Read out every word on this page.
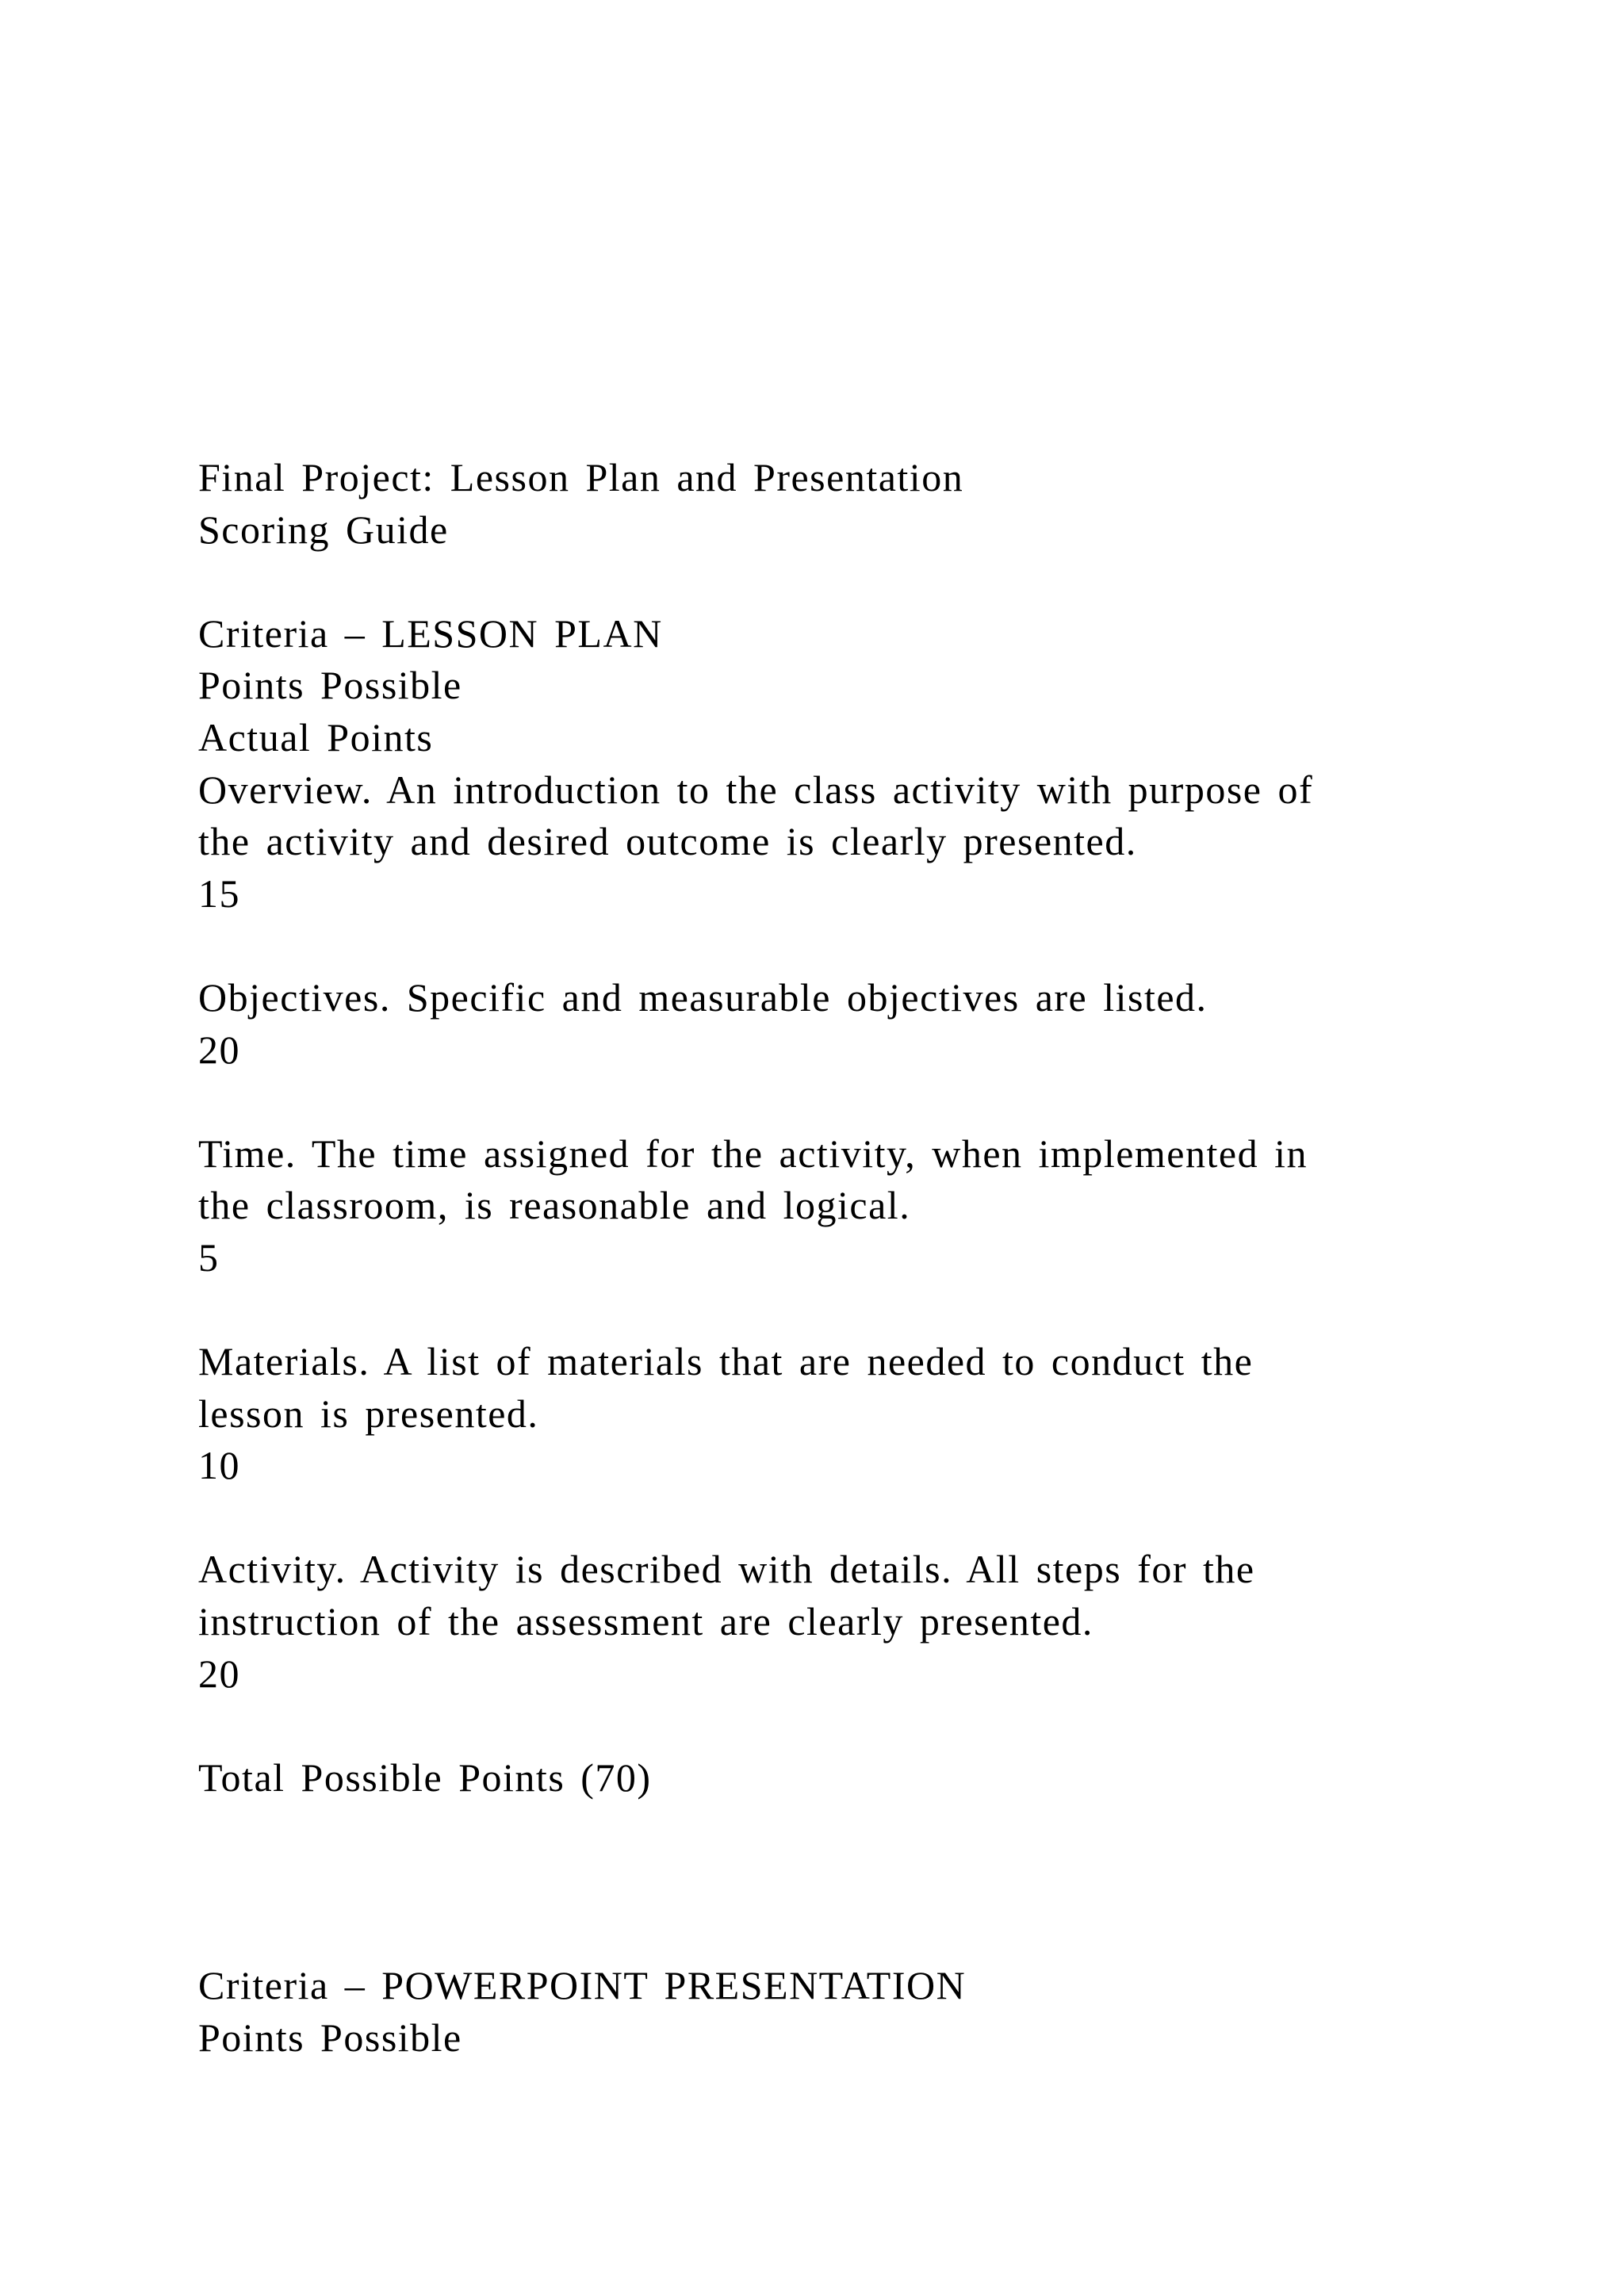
Final Project: Lesson Plan and Presentation
Scoring Guide
Criteria – LESSON PLAN
Points Possible
Actual Points
Overview. An introduction to the class activity with purpose of
the activity and desired outcome is clearly presented.
15
Objectives. Specific and measurable objectives are listed.
20
Time. The time assigned for the activity, when implemented in
the classroom, is reasonable and logical.
5
Materials. A list of materials that are needed to conduct the
lesson is presented.
10
Activity. Activity is described with details. All steps for the
instruction of the assessment are clearly presented.
20
Total Possible Points (70)
Criteria – POWERPOINT PRESENTATION
Points Possible
